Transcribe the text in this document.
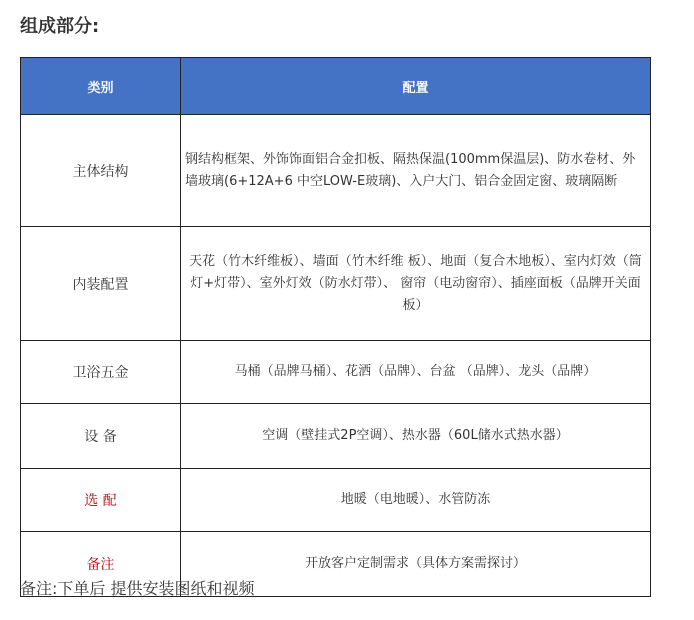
组成部分:
类别	配置
主体结构	钢结构框架、外饰饰面铝合金扣板、隔热保温(100mm保温层)、防水卷材、外墙玻璃(6+12A+6 中空LOW-E玻璃)、入户大门、铝合金固定窗、玻璃隔断
内装配置	天花（竹木纤维板）、墙面（竹木纤维 板）、地面（复合木地板）、室内灯效（筒灯+灯带）、室外灯效（防水灯带）、 窗帘（电动窗帘）、插座面板（品牌开关面板）
卫浴五金	马桶（品牌马桶）、花洒（品牌）、台盆 （品牌）、龙头（品牌）
设 备	空调（壁挂式2P空调）、热水器（60L储水式热水器）
选 配	地暖（电地暖）、水管防冻
备注	开放客户定制需求（具体方案需探讨）
备注:下单后 提供安装图纸和视频
